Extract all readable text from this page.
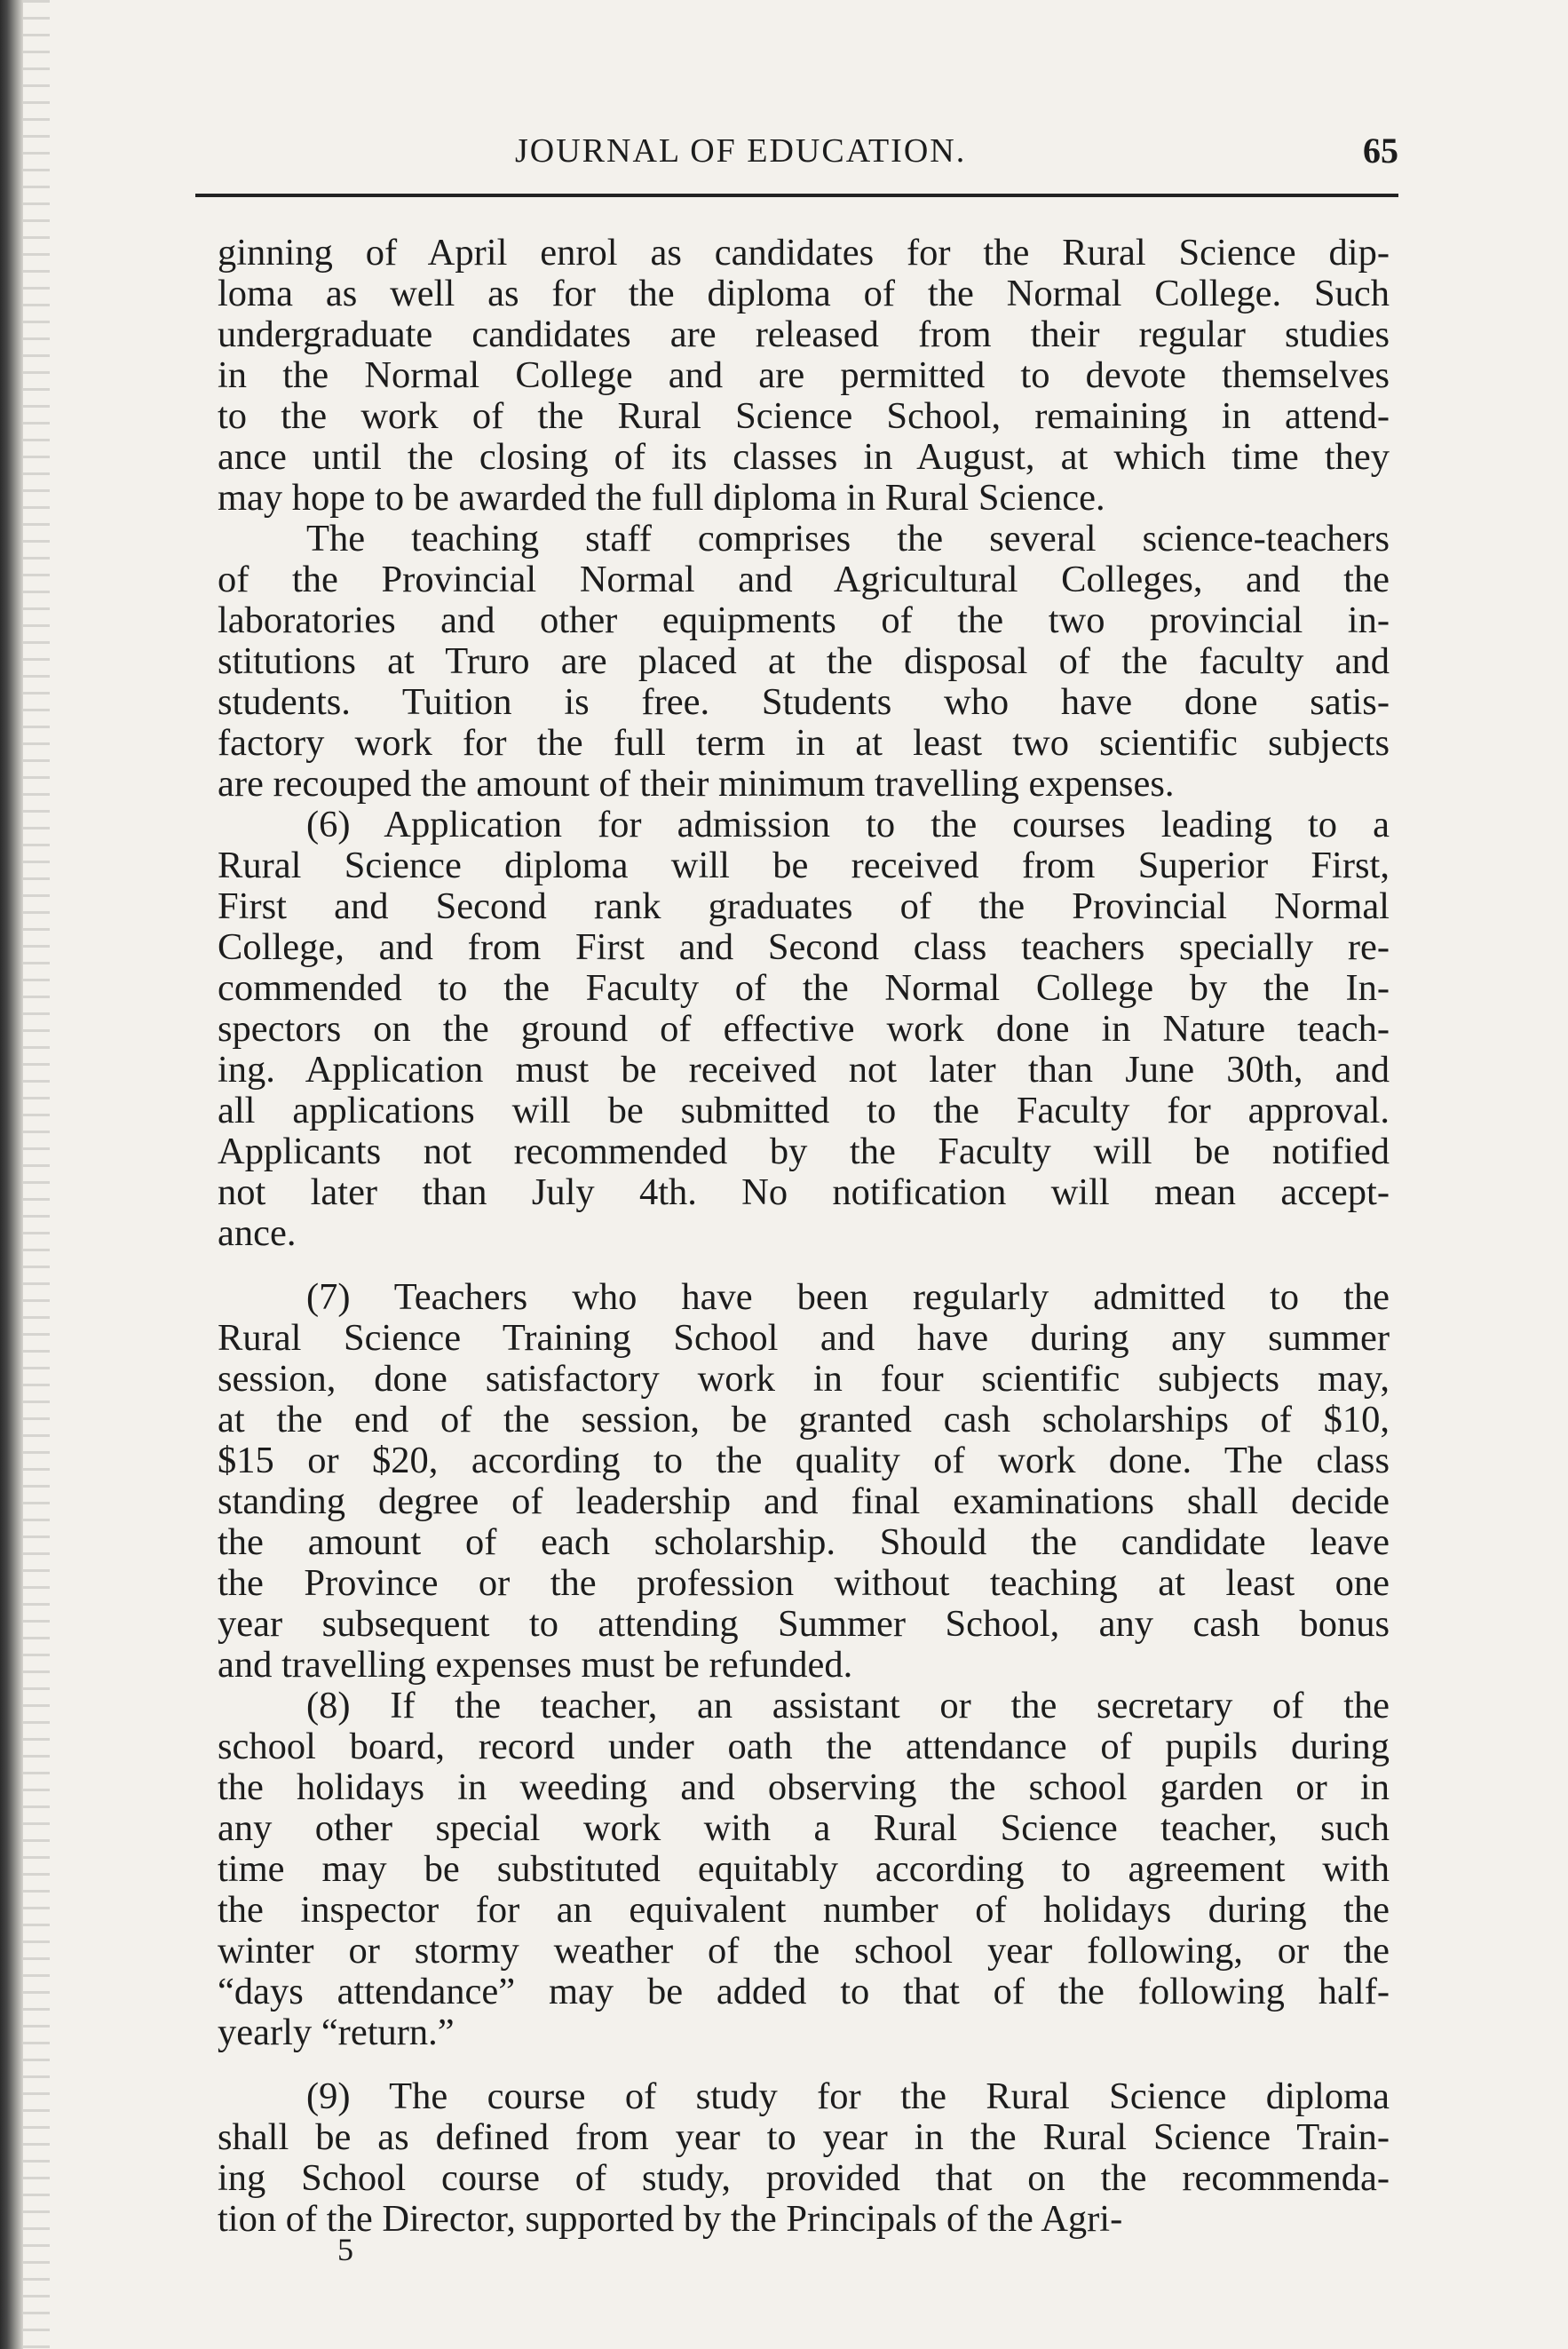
JOURNAL OF EDUCATION.	65
ginning of April enrol as candidates for the Rural Science dip-
loma as well as for the diploma of the Normal College. Such
undergraduate candidates are released from their regular studies
in the Normal College and are permitted to devote themselves
to the work of the Rural Science School, remaining in attend-
ance until the closing of its classes in August, at which time they
may hope to be awarded the full diploma in Rural Science.
The teaching staff comprises the several science-teachers
of the Provincial Normal and Agricultural Colleges, and the
laboratories and other equipments of the two provincial in-
stitutions at Truro are placed at the disposal of the faculty and
students. Tuition is free. Students who have done satis-
factory work for the full term in at least two scientific subjects
are recouped the amount of their minimum travelling expenses.
(6) Application for admission to the courses leading to a
Rural Science diploma will be received from Superior First,
First and Second rank graduates of the Provincial Normal
College, and from First and Second class teachers specially re-
commended to the Faculty of the Normal College by the In-
spectors on the ground of effective work done in Nature teach-
ing. Application must be received not later than June 30th, and
all applications will be submitted to the Faculty for approval.
Applicants not recommended by the Faculty will be notified
not later than July 4th. No notification will mean accept-
ance.
(7) Teachers who have been regularly admitted to the
Rural Science Training School and have during any summer
session, done satisfactory work in four scientific subjects may,
at the end of the session, be granted cash scholarships of $10,
$15 or $20, according to the quality of work done. The class
standing degree of leadership and final examinations shall decide
the amount of each scholarship. Should the candidate leave
the Province or the profession without teaching at least one
year subsequent to attending Summer School, any cash bonus
and travelling expenses must be refunded.
(8) If the teacher, an assistant or the secretary of the
school board, record under oath the attendance of pupils during
the holidays in weeding and observing the school garden or in
any other special work with a Rural Science teacher, such
time may be substituted equitably according to agreement with
the inspector for an equivalent number of holidays during the
winter or stormy weather of the school year following, or the
“days attendance” may be added to that of the following half-
yearly “return.”
(9) The course of study for the Rural Science diploma
shall be as defined from year to year in the Rural Science Train-
ing School course of study, provided that on the recommenda-
tion of the Director, supported by the Principals of the Agri-
5
